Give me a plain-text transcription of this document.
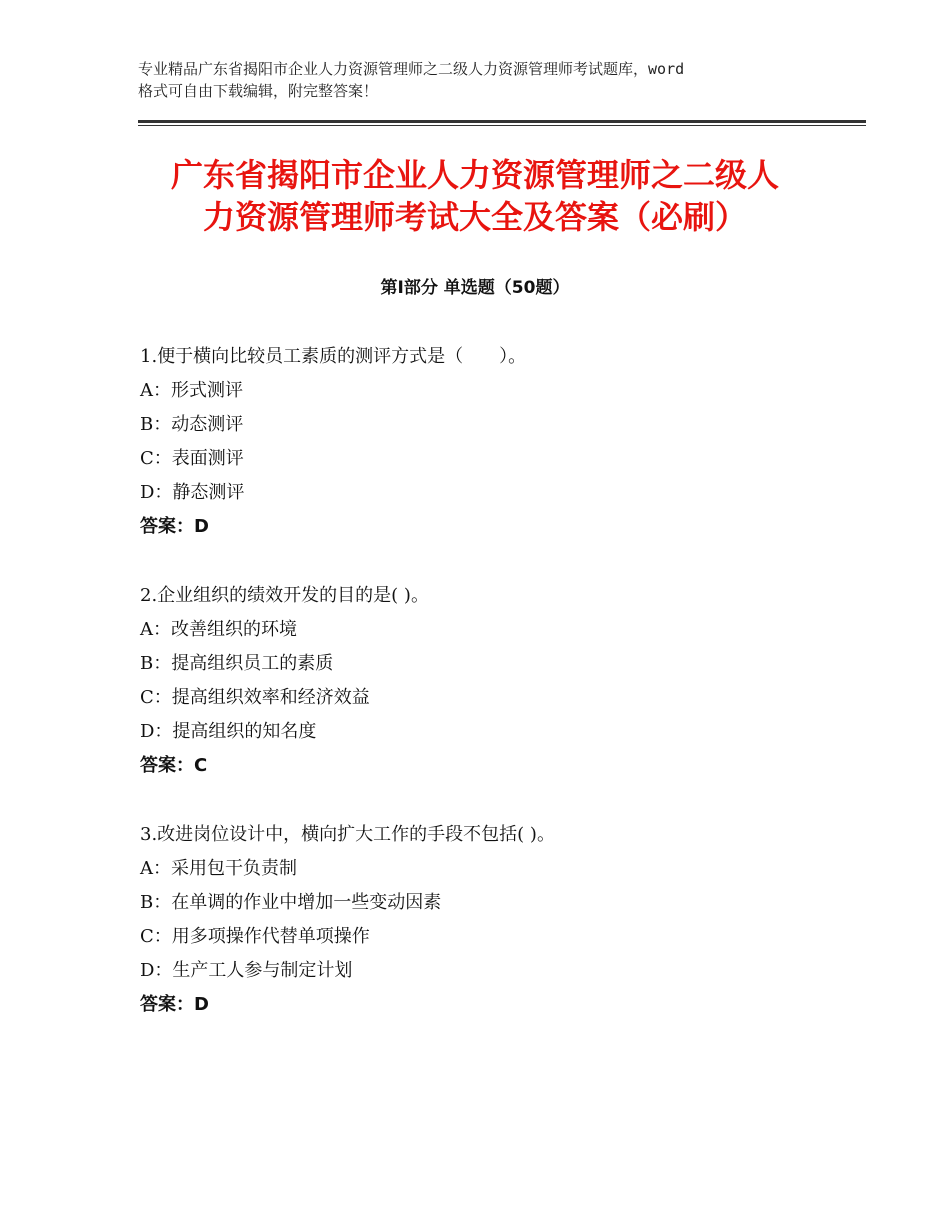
专业精品广东省揭阳市企业人力资源管理师之二级人力资源管理师考试题库，word
格式可自由下载编辑，附完整答案！
广东省揭阳市企业人力资源管理师之二级人
力资源管理师考试大全及答案（必刷）
第Ⅰ部分 单选题（50题）
1.便于横向比较员工素质的测评方式是（　　）。
A：形式测评
B：动态测评
C：表面测评
D：静态测评
答案：D
2.企业组织的绩效开发的目的是( )。
A：改善组织的环境
B：提高组织员工的素质
C：提高组织效率和经济效益
D：提高组织的知名度
答案：C
3.改进岗位设计中，横向扩大工作的手段不包括( )。
A：采用包干负责制
B：在单调的作业中增加一些变动因素
C：用多项操作代替单项操作
D：生产工人参与制定计划
答案：D
